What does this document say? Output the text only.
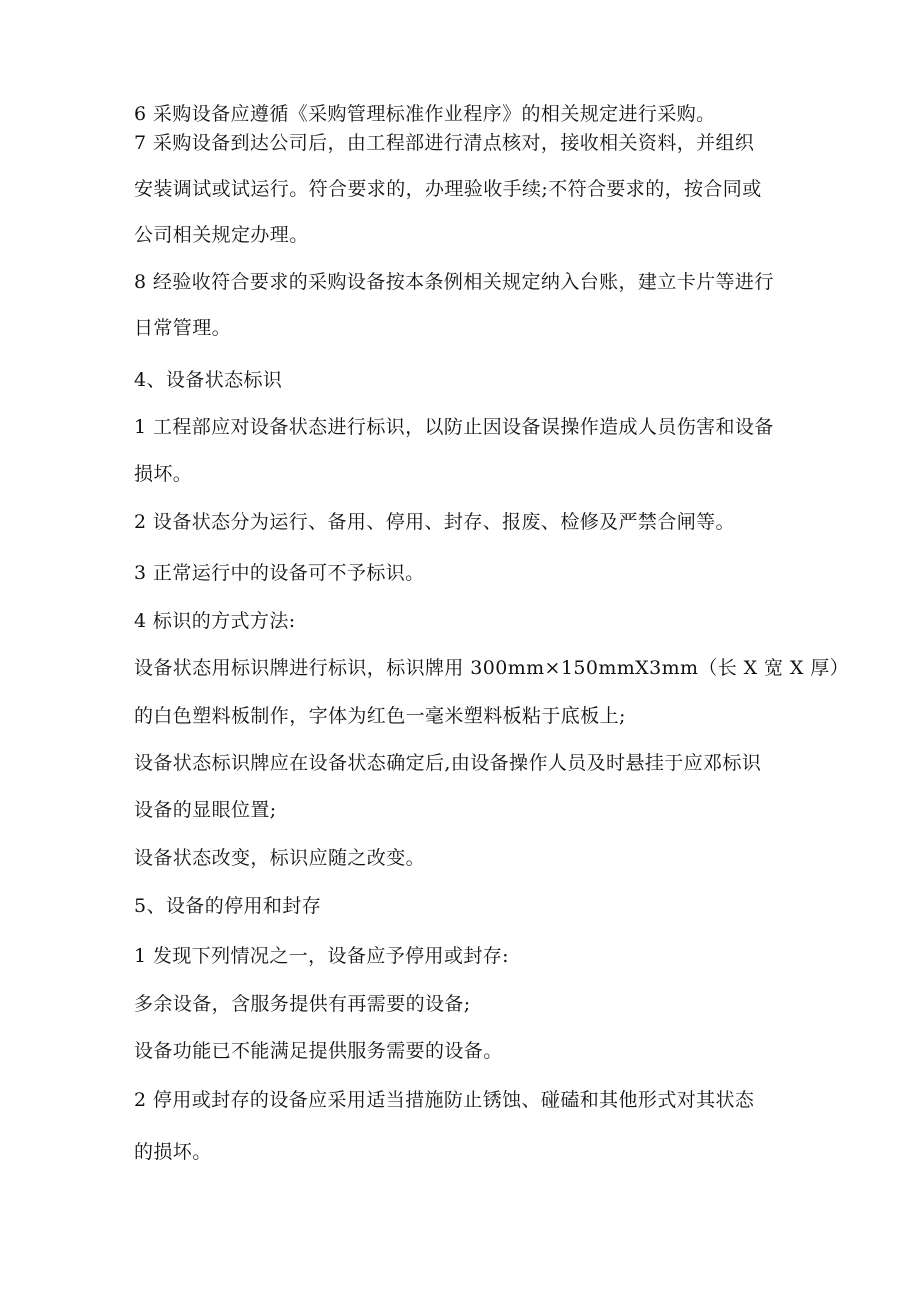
6 采购设备应遵循《采购管理标准作业程序》的相关规定进行采购。
7 采购设备到达公司后，由工程部进行清点核对，接收相关资料，并组织
安装调试或试运行。符合要求的，办理验收手续;不符合要求的，按合同或
公司相关规定办理。
8 经验收符合要求的采购设备按本条例相关规定纳入台账，建立卡片等进行
日常管理。
4、设备状态标识
1 工程部应对设备状态进行标识，以防止因设备误操作造成人员伤害和设备
损坏。
2 设备状态分为运行、备用、停用、封存、报废、检修及严禁合闸等。
3 正常运行中的设备可不予标识。
4 标识的方式方法:
设备状态用标识牌进行标识，标识牌用 300mm×150mmX3mm（长 X 宽 X 厚）
的白色塑料板制作，字体为红色一毫米塑料板粘于底板上;
设备状态标识牌应在设备状态确定后,由设备操作人员及时悬挂于应邓标识
设备的显眼位置;
设备状态改变，标识应随之改变。
5、设备的停用和封存
1 发现下列情况之一，设备应予停用或封存:
多余设备，含服务提供有再需要的设备;
设备功能已不能满足提供服务需要的设备。
2 停用或封存的设备应采用适当措施防止锈蚀、碰磕和其他形式对其状态
的损坏。
